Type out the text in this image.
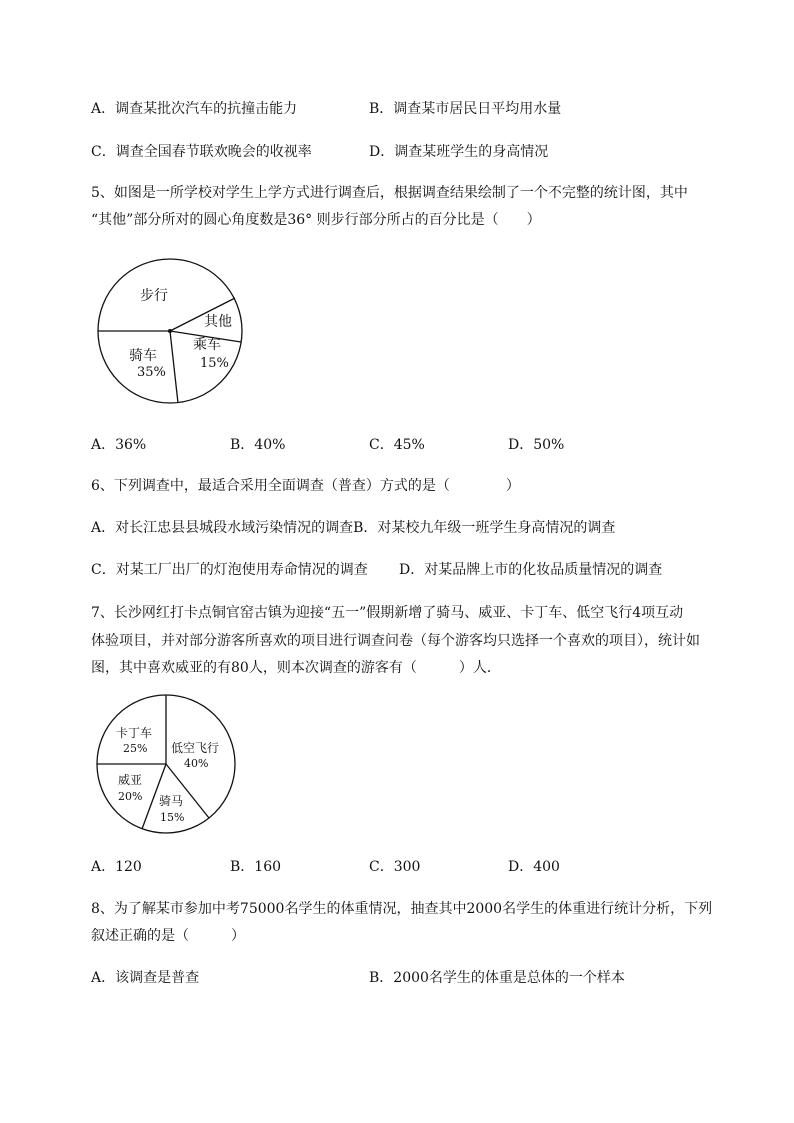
A．调查某批次汽车的抗撞击能力	B．调查某市居民日平均用水量
C．调查全国春节联欢晚会的收视率	D．调查某班学生的身高情况
5、如图是一所学校对学生上学方式进行调查后，根据调查结果绘制了一个不完整的统计图，其中
“其他”部分所对的圆心角度数是36° 则步行部分所占的百分比是（　　）
步行
其他
乘车
15%
骑车
35%
A．36%	B．40%	C．45%	D．50%
6、下列调查中，最适合采用全面调查（普查）方式的是（　　　　）
A．对长江忠县县城段水域污染情况的调查B．对某校九年级一班学生身高情况的调查
C．对某工厂出厂的灯泡使用寿命情况的调查 D．对某品牌上市的化妆品质量情况的调查
7、长沙网红打卡点铜官窑古镇为迎接“五一”假期新增了骑马、威亚、卡丁车、低空飞行4项互动
体验项目，并对部分游客所喜欢的项目进行调查问卷（每个游客均只选择一个喜欢的项目），统计如
图，其中喜欢威亚的有80人，则本次调查的游客有（　　　）人．
卡丁车
25% 低空飞行
40%
威亚
20% 骑马
15%
A．120	B．160	C．300	D．400
8、为了解某市参加中考75000名学生的体重情况，抽查其中2000名学生的体重进行统计分析，下列
叙述正确的是（　　　）
A．该调查是普查	B．2000名学生的体重是总体的一个样本
